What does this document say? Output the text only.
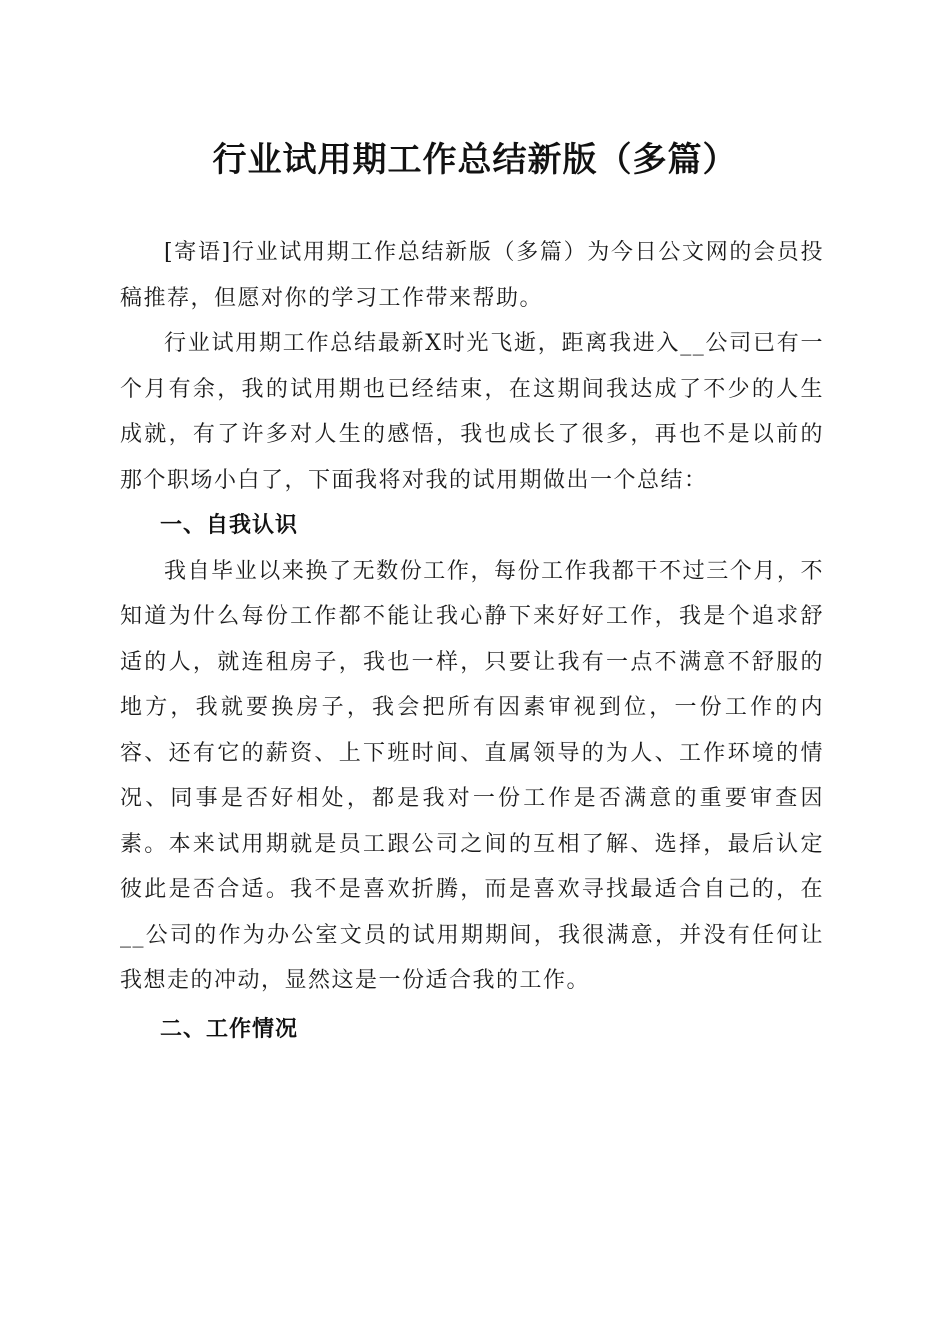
行业试用期工作总结新版（多篇）

[寄语]行业试用期工作总结新版（多篇）为今日公文网的会员投稿推荐，但愿对你的学习工作带来帮助。

行业试用期工作总结最新X时光飞逝，距离我进入__公司已有一个月有余，我的试用期也已经结束，在这期间我达成了不少的人生成就，有了许多对人生的感悟，我也成长了很多，再也不是以前的那个职场小白了，下面我将对我的试用期做出一个总结：

一、自我认识

我自毕业以来换了无数份工作，每份工作我都干不过三个月，不知道为什么每份工作都不能让我心静下来好好工作，我是个追求舒适的人，就连租房子，我也一样，只要让我有一点不满意不舒服的地方，我就要换房子，我会把所有因素审视到位，一份工作的内容、还有它的薪资、上下班时间、直属领导的为人、工作环境的情况、同事是否好相处，都是我对一份工作是否满意的重要审查因素。本来试用期就是员工跟公司之间的互相了解、选择，最后认定彼此是否合适。我不是喜欢折腾，而是喜欢寻找最适合自己的，在__公司的作为办公室文员的试用期期间，我很满意，并没有任何让我想走的冲动，显然这是一份适合我的工作。

二、工作情况
